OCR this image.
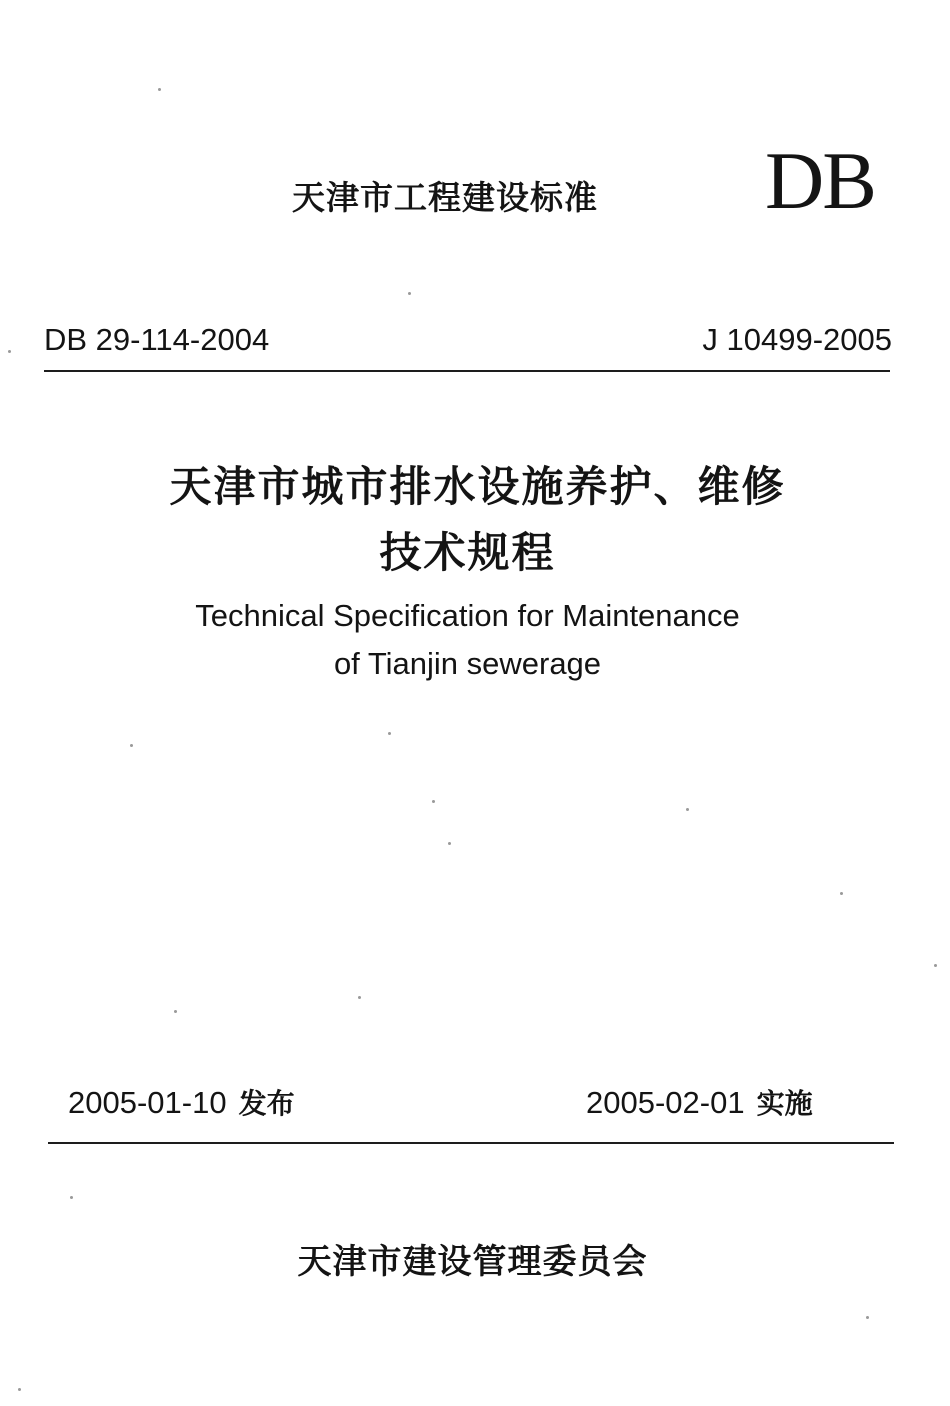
天津市工程建设标准 DB
DB 29-114-2004	J 10499-2005
天津市城市排水设施养护、维修
技术规程
Technical Specification for Maintenance
of Tianjin sewerage
2005-01-10 发布	2005-02-01 实施
天津市建设管理委员会
